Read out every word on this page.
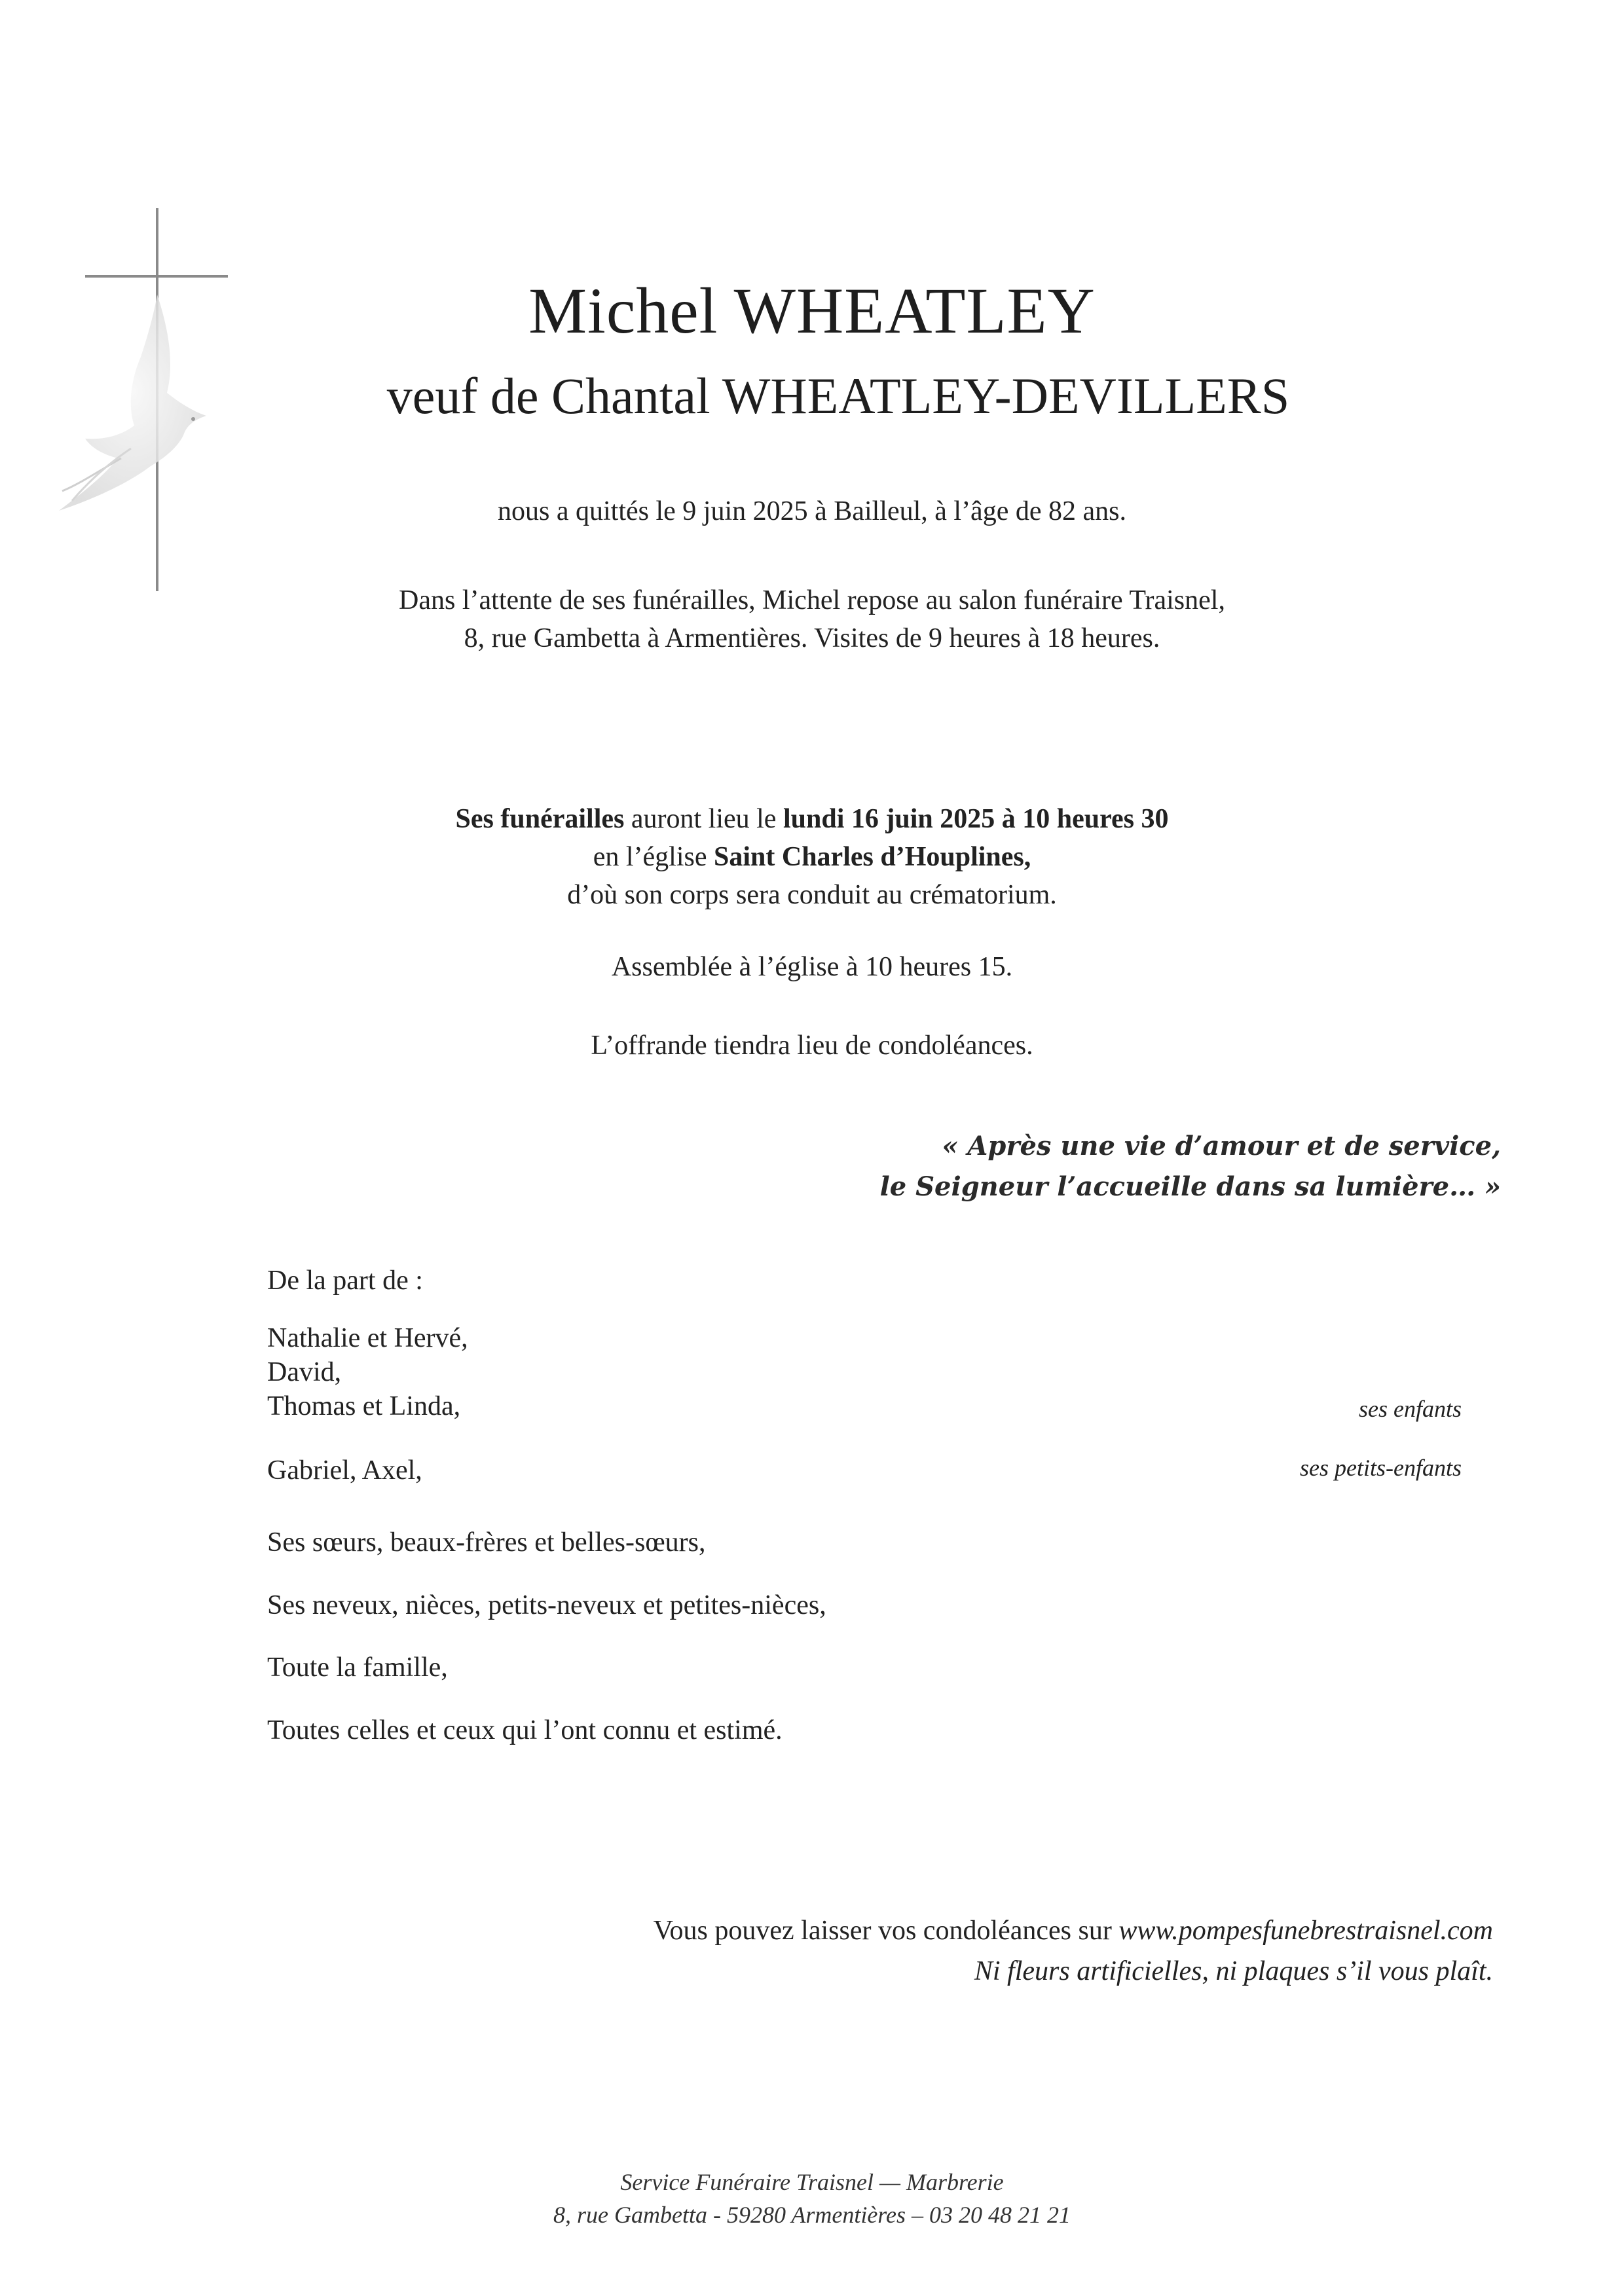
Michel WHEATLEY
veuf de Chantal WHEATLEY-DEVILLERS
nous a quittés le 9 juin 2025 à Bailleul, à l’âge de 82 ans.
Dans l’attente de ses funérailles, Michel repose au salon funéraire Traisnel,
8, rue Gambetta à Armentières. Visites de 9 heures à 18 heures.
Ses funérailles auront lieu le lundi 16 juin 2025 à 10 heures 30
en l’église Saint Charles d’Houplines,
d’où son corps sera conduit au crématorium.
Assemblée à l’église à 10 heures 15.
L’offrande tiendra lieu de condoléances.
« Après une vie d’amour et de service,
le Seigneur l’accueille dans sa lumière… »
De la part de :
Nathalie et Hervé,
David,
Thomas et Linda,	ses enfants
Gabriel, Axel,	ses petits-enfants
Ses sœurs, beaux-frères et belles-sœurs,
Ses neveux, nièces, petits-neveux et petites-nièces,
Toute la famille,
Toutes celles et ceux qui l’ont connu et estimé.
Vous pouvez laisser vos condoléances sur www.pompesfunebrestraisnel.com
Ni fleurs artificielles, ni plaques s’il vous plaît.
Service Funéraire Traisnel — Marbrerie
8, rue Gambetta - 59280 Armentières – 03 20 48 21 21
